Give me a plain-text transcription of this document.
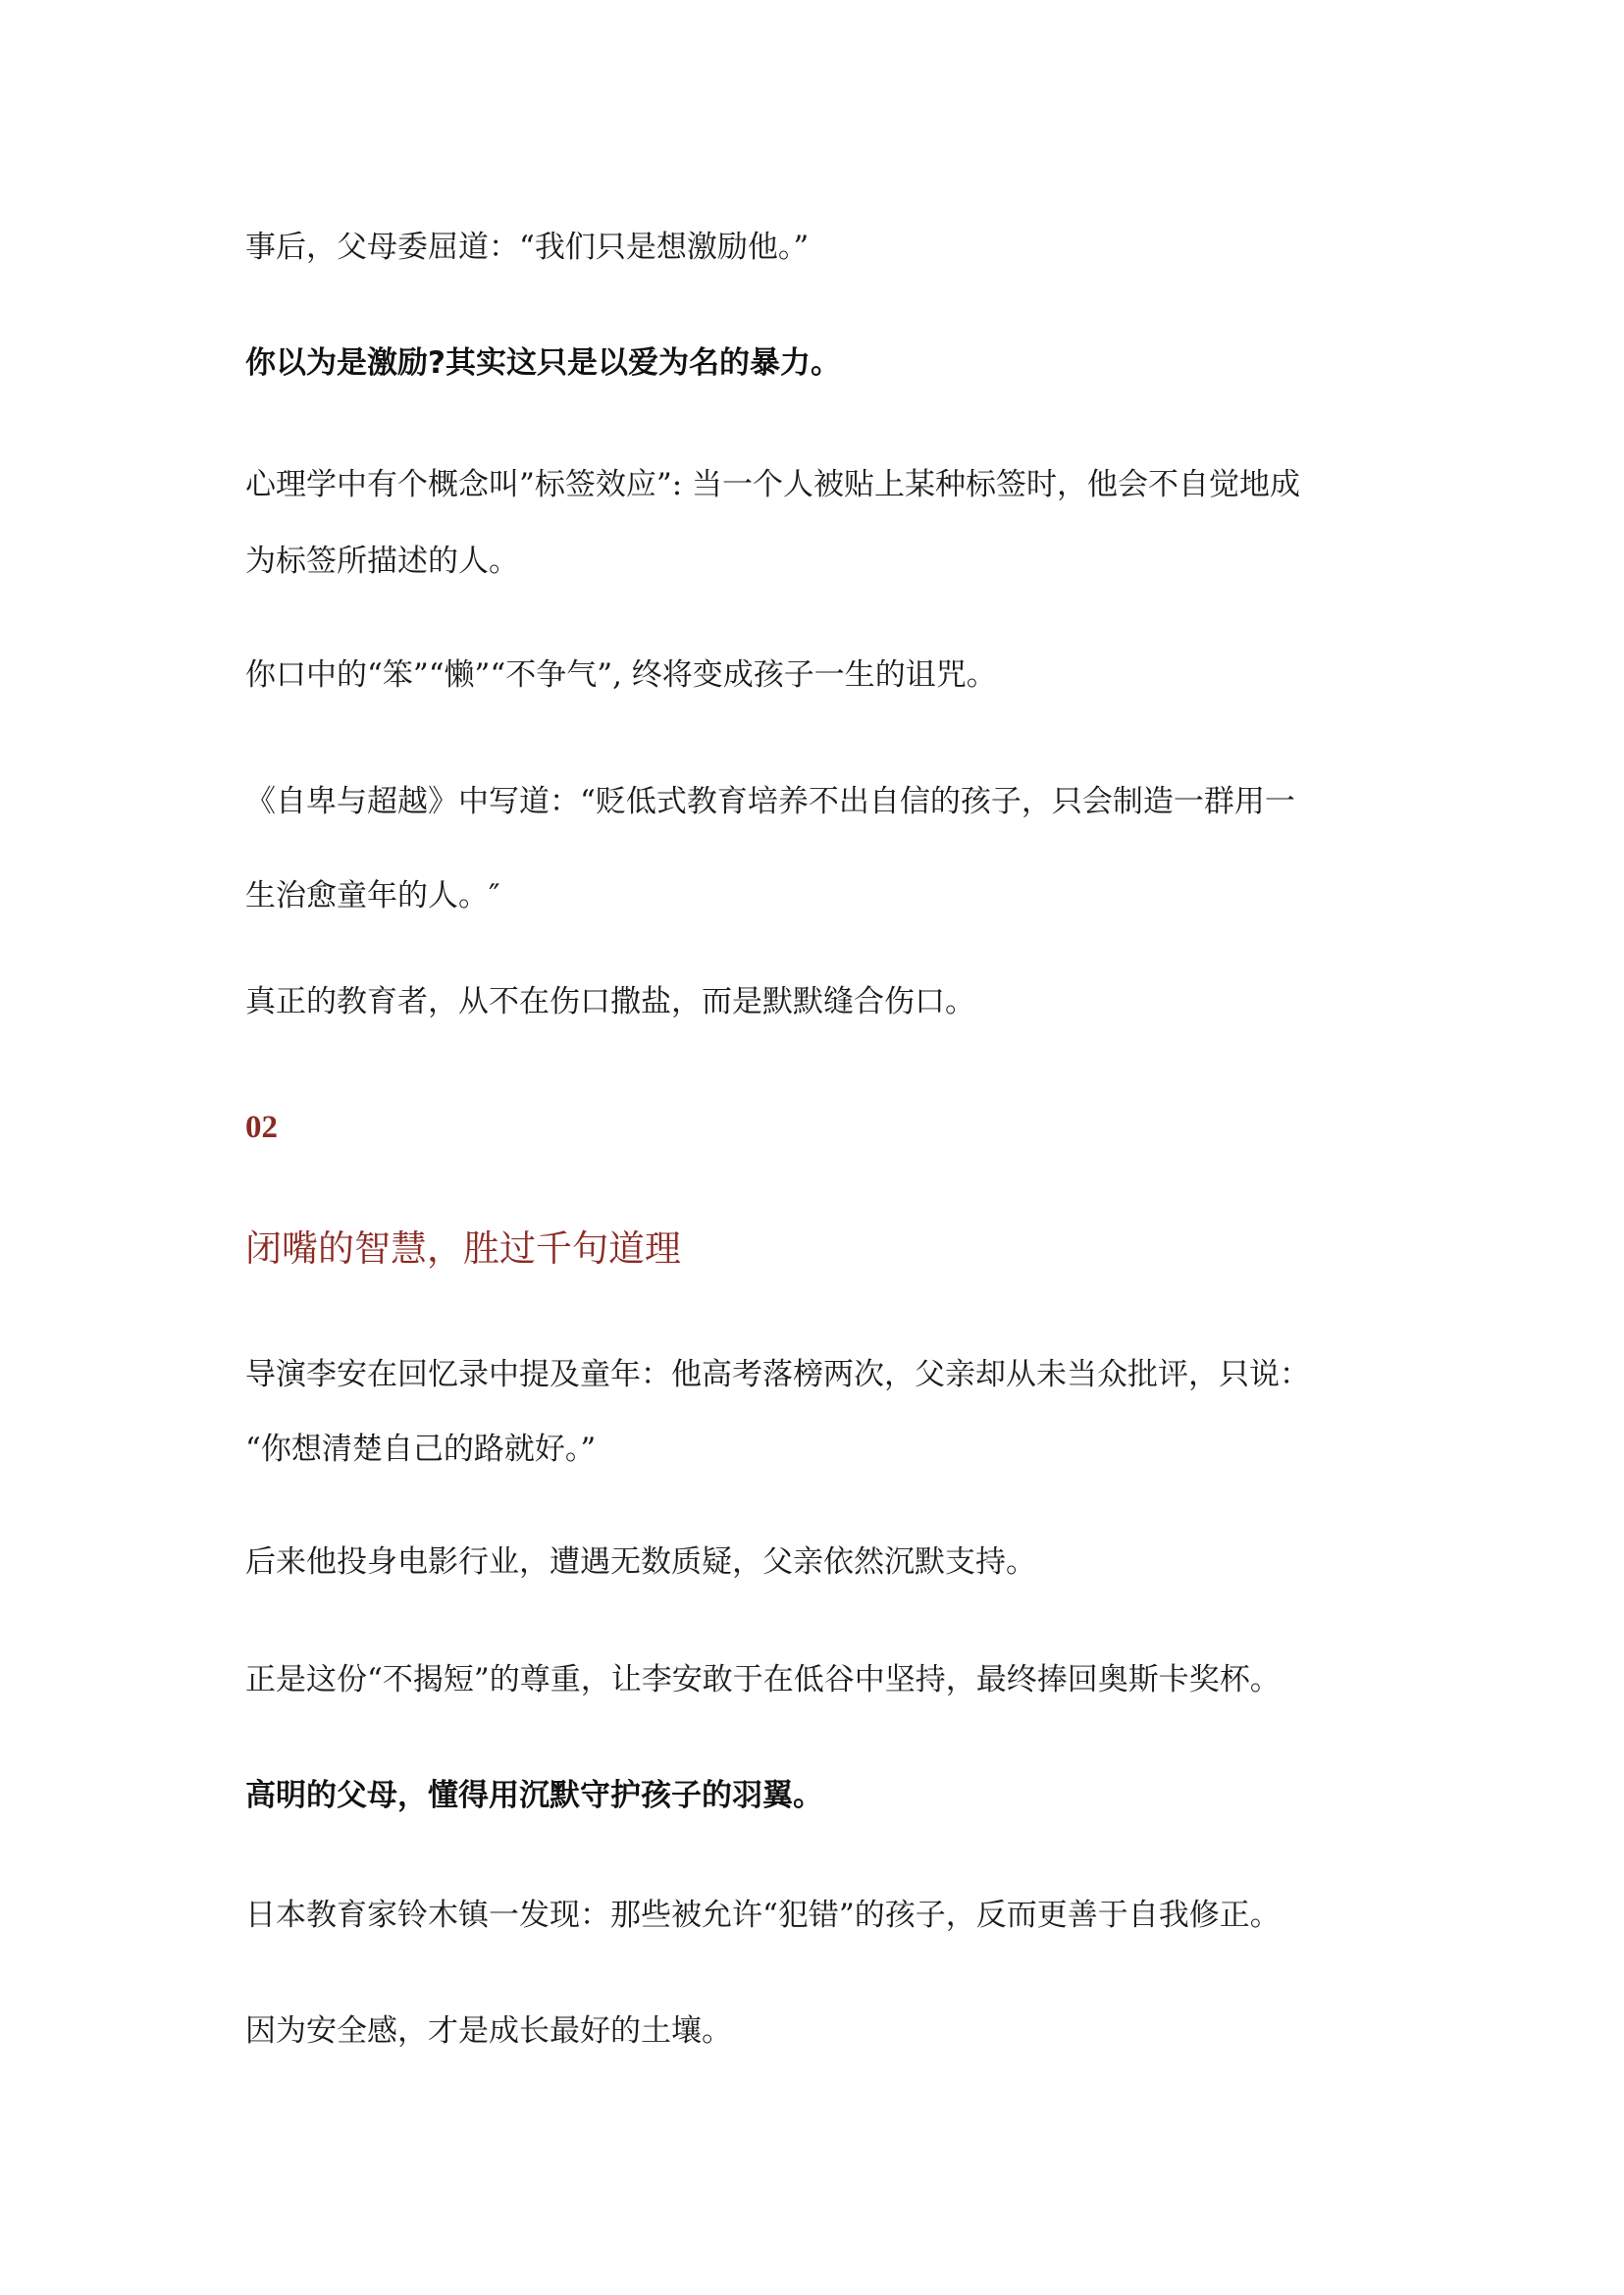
事后，父母委屈道：“我们只是想激励他。”

你以为是激励?其实这只是以爱为名的暴力。

心理学中有个概念叫”标签效应”: 当一个人被贴上某种标签时，他会不自觉地成

为标签所描述的人。

你口中的“笨”“懒”“不争气”, 终将变成孩子一生的诅咒。

《自卑与超越》中写道：“贬低式教育培养不出自信的孩子，只会制造一群用一

生治愈童年的人。″

真正的教育者，从不在伤口撒盐，而是默默缝合伤口。

02

闭嘴的智慧，胜过千句道理

导演李安在回忆录中提及童年：他高考落榜两次，父亲却从未当众批评，只说：

“你想清楚自己的路就好。”

后来他投身电影行业，遭遇无数质疑，父亲依然沉默支持。

正是这份“不揭短”的尊重，让李安敢于在低谷中坚持，最终捧回奥斯卡奖杯。

高明的父母，懂得用沉默守护孩子的羽翼。

日本教育家铃木镇一发现：那些被允许“犯错”的孩子，反而更善于自我修正。

因为安全感，才是成长最好的土壤。
